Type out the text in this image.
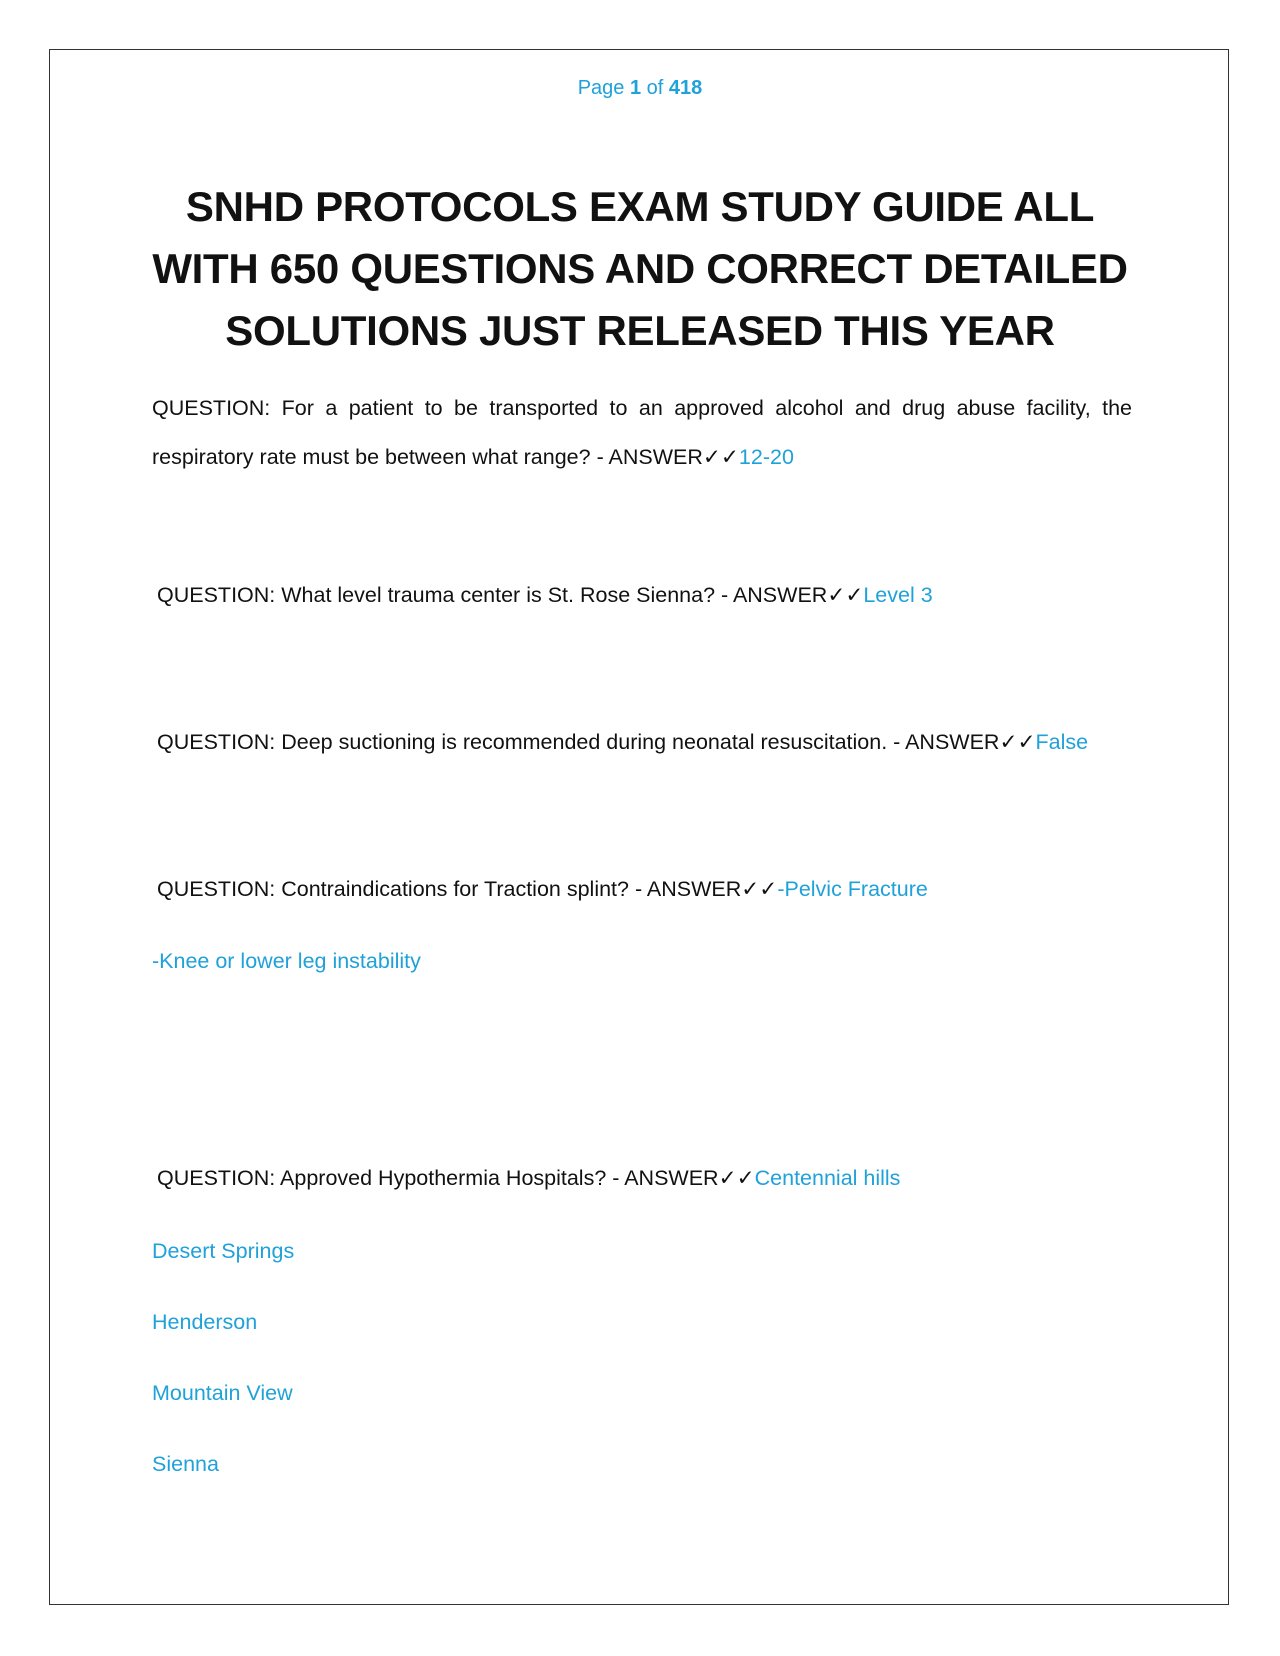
Page 1 of 418
SNHD PROTOCOLS EXAM STUDY GUIDE ALL WITH 650 QUESTIONS AND CORRECT DETAILED SOLUTIONS JUST RELEASED THIS YEAR
QUESTION: For a patient to be transported to an approved alcohol and drug abuse facility, the respiratory rate must be between what range? - ANSWER✓✓12-20
QUESTION: What level trauma center is St. Rose Sienna? - ANSWER✓✓Level 3
QUESTION: Deep suctioning is recommended during neonatal resuscitation. - ANSWER✓✓False
QUESTION: Contraindications for Traction splint? - ANSWER✓✓-Pelvic Fracture
-Knee or lower leg instability
QUESTION: Approved Hypothermia Hospitals? - ANSWER✓✓Centennial hills
Desert Springs
Henderson
Mountain View
Sienna
